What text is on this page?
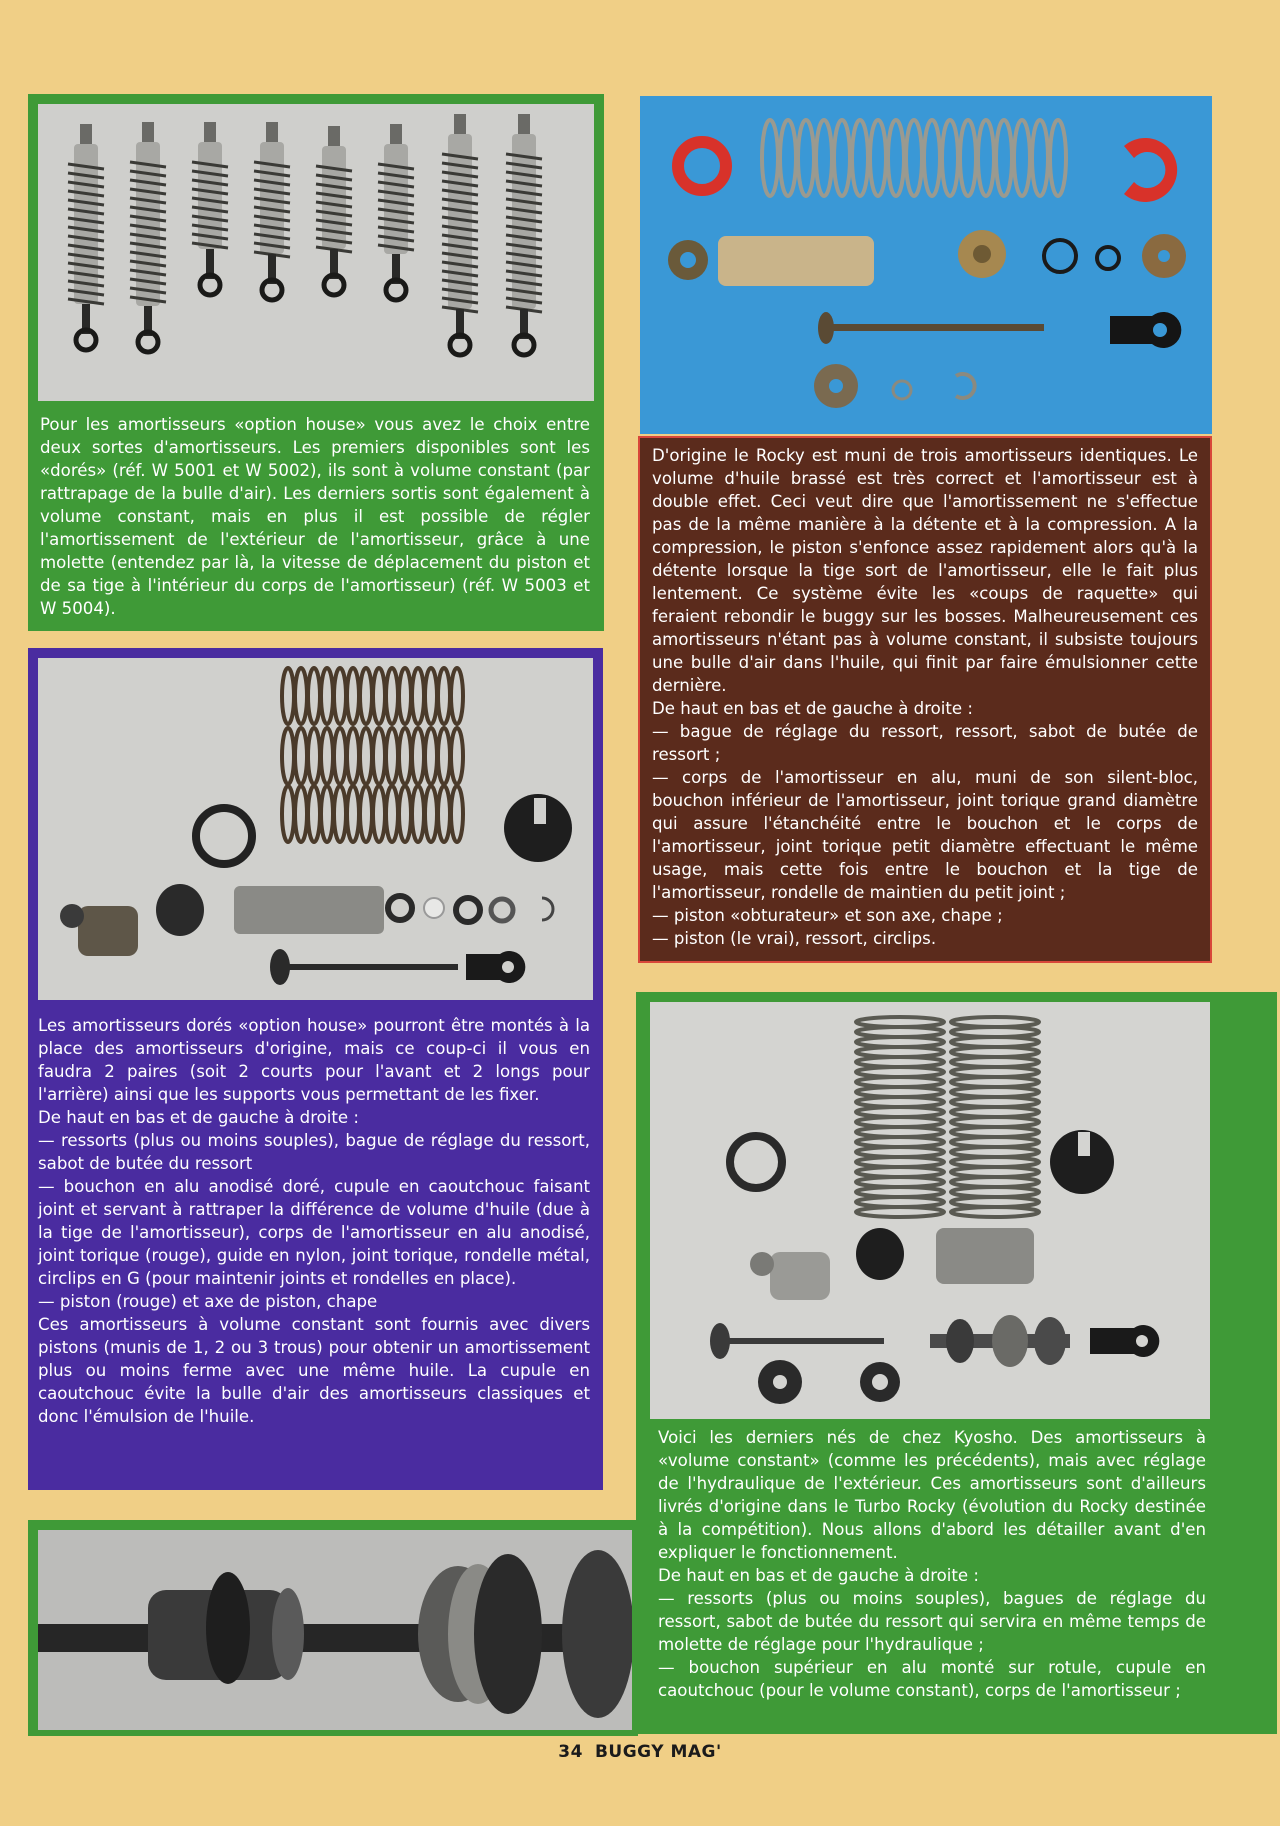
Pour les amortisseurs «option house» vous avez le choix entre deux sortes d'amortisseurs. Les premiers disponibles sont les «dorés» (réf. W 5001 et W 5002), ils sont à volume constant (par rattrapage de la bulle d'air). Les derniers sortis sont également à volume constant, mais en plus il est possible de régler l'amortissement de l'extérieur de l'amortisseur, grâce à une molette (entendez par là, la vitesse de déplacement du piston et de sa tige à l'intérieur du corps de l'amortisseur) (réf. W 5003 et W 5004).
D'origine le Rocky est muni de trois amortisseurs identiques. Le volume d'huile brassé est très correct et l'amortisseur est à double effet. Ceci veut dire que l'amortissement ne s'effectue pas de la même manière à la détente et à la compression. A la compression, le piston s'enfonce assez rapidement alors qu'à la détente lorsque la tige sort de l'amortisseur, elle le fait plus lentement. Ce système évite les «coups de raquette» qui feraient rebondir le buggy sur les bosses. Malheureusement ces amortisseurs n'étant pas à volume constant, il subsiste toujours une bulle d'air dans l'huile, qui finit par faire émulsionner cette dernière.
De haut en bas et de gauche à droite :
— bague de réglage du ressort, ressort, sabot de butée de ressort ;
— corps de l'amortisseur en alu, muni de son silent-bloc, bouchon inférieur de l'amortisseur, joint torique grand diamètre qui assure l'étanchéité entre le bouchon et le corps de l'amortisseur, joint torique petit diamètre effectuant le même usage, mais cette fois entre le bouchon et la tige de l'amortisseur, rondelle de maintien du petit joint ;
— piston «obturateur» et son axe, chape ;
— piston (le vrai), ressort, circlips.
Les amortisseurs dorés «option house» pourront être montés à la place des amortisseurs d'origine, mais ce coup-ci il vous en faudra 2 paires (soit 2 courts pour l'avant et 2 longs pour l'arrière) ainsi que les supports vous permettant de les fixer.
De haut en bas et de gauche à droite :
— ressorts (plus ou moins souples), bague de réglage du ressort, sabot de butée du ressort
— bouchon en alu anodisé doré, cupule en caoutchouc faisant joint et servant à rattraper la différence de volume d'huile (due à la tige de l'amortisseur), corps de l'amortisseur en alu anodisé, joint torique (rouge), guide en nylon, joint torique, rondelle métal, circlips en G (pour maintenir joints et rondelles en place).
— piston (rouge) et axe de piston, chape
Ces amortisseurs à volume constant sont fournis avec divers pistons (munis de 1, 2 ou 3 trous) pour obtenir un amortissement plus ou moins ferme avec une même huile. La cupule en caoutchouc évite la bulle d'air des amortisseurs classiques et donc l'émulsion de l'huile.
Voici les derniers nés de chez Kyosho. Des amortisseurs à «volume constant» (comme les précédents), mais avec réglage de l'hydraulique de l'extérieur. Ces amortisseurs sont d'ailleurs livrés d'origine dans le Turbo Rocky (évolution du Rocky destinée à la compétition). Nous allons d'abord les détailler avant d'en expliquer le fonctionnement.
De haut en bas et de gauche à droite :
— ressorts (plus ou moins souples), bagues de réglage du ressort, sabot de butée du ressort qui servira en même temps de molette de réglage pour l'hydraulique ;
— bouchon supérieur en alu monté sur rotule, cupule en caoutchouc (pour le volume constant), corps de l'amortisseur ;
34 BUGGY MAG'
